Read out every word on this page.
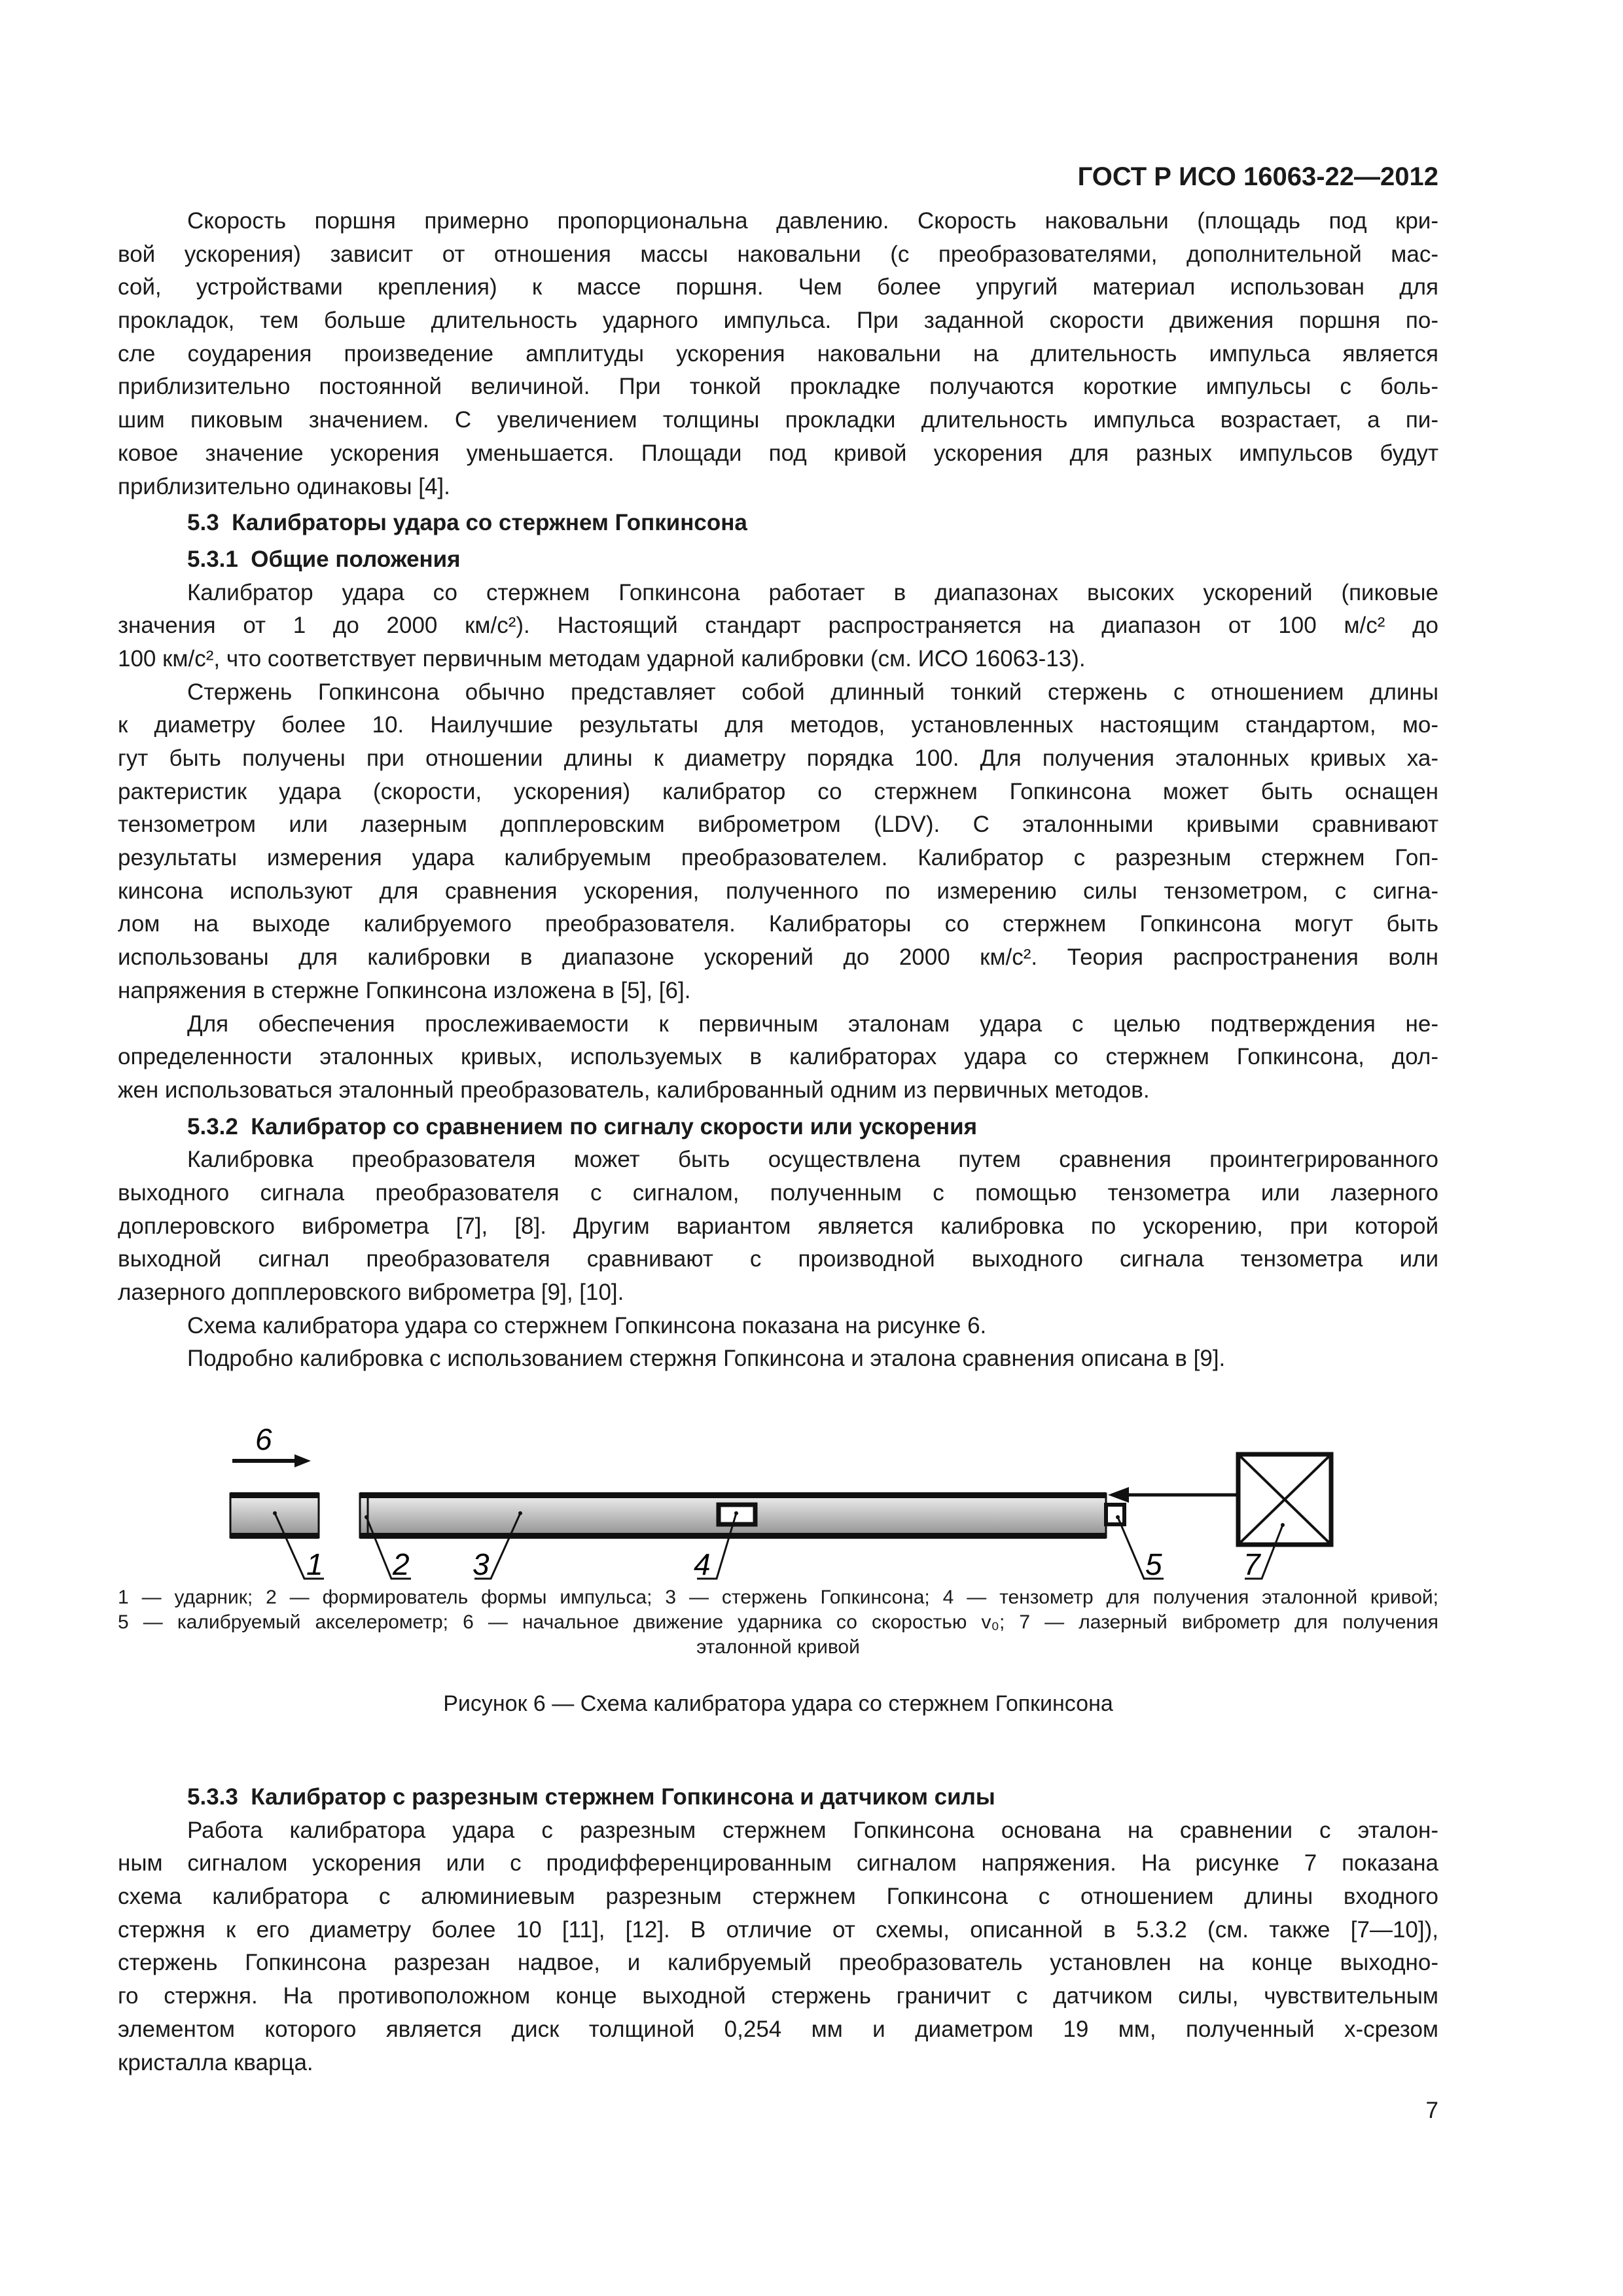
ГОСТ Р ИСО 16063-22—2012
Скорость поршня примерно пропорциональна давлению. Скорость наковальни (площадь под кри-
вой ускорения) зависит от отношения массы наковальни (с преобразователями, дополнительной мас-
сой, устройствами крепления) к массе поршня. Чем более упругий материал использован для
прокладок, тем больше длительность ударного импульса. При заданной скорости движения поршня по-
сле соударения произведение амплитуды ускорения наковальни на длительность импульса является
приблизительно постоянной величиной. При тонкой прокладке получаются короткие импульсы с боль-
шим пиковым значением. С увеличением толщины прокладки длительность импульса возрастает, а пи-
ковое значение ускорения уменьшается. Площади под кривой ускорения для разных импульсов будут
приблизительно одинаковы [4].
5.3  Калибраторы удара со стержнем Гопкинсона
5.3.1  Общие положения
Калибратор удара со стержнем Гопкинсона работает в диапазонах высоких ускорений (пиковые
значения от 1 до 2000 км/с²). Настоящий стандарт распространяется на диапазон от 100 м/с² до
100 км/с², что соответствует первичным методам ударной калибровки (см. ИСО 16063-13).
Стержень Гопкинсона обычно представляет собой длинный тонкий стержень с отношением длины
к диаметру более 10. Наилучшие результаты для методов, установленных настоящим стандартом, мо-
гут быть получены при отношении длины к диаметру порядка 100. Для получения эталонных кривых ха-
рактеристик удара (скорости, ускорения) калибратор со стержнем Гопкинсона может быть оснащен
тензометром или лазерным допплеровским виброметром (LDV). С эталонными кривыми сравнивают
результаты измерения удара калибруемым преобразователем. Калибратор с разрезным стержнем Гоп-
кинсона используют для сравнения ускорения, полученного по измерению силы тензометром, с сигна-
лом на выходе калибруемого преобразователя. Калибраторы со стержнем Гопкинсона могут быть
использованы для калибровки в диапазоне ускорений до 2000 км/с². Теория распространения волн
напряжения в стержне Гопкинсона изложена в [5], [6].
Для обеспечения прослеживаемости к первичным эталонам удара с целью подтверждения не-
определенности эталонных кривых, используемых в калибраторах удара со стержнем Гопкинсона, дол-
жен использоваться эталонный преобразователь, калиброванный одним из первичных методов.
5.3.2  Калибратор со сравнением по сигналу скорости или ускорения
Калибровка преобразователя может быть осуществлена путем сравнения проинтегрированного
выходного сигнала преобразователя с сигналом, полученным с помощью тензометра или лазерного
доплеровского виброметра [7], [8]. Другим вариантом является калибровка по ускорению, при которой
выходной сигнал преобразователя сравнивают с производной выходного сигнала тензометра или
лазерного допплеровского виброметра [9], [10].
Схема калибратора удара со стержнем Гопкинсона показана на рисунке 6.
Подробно калибровка с использованием стержня Гопкинсона и эталона сравнения описана в [9].
6
1 2 3	4	5	7
1 — ударник; 2 — формирователь формы импульса; 3 — стержень Гопкинсона; 4 — тензометр для получения эталонной кривой;
5 — калибруемый акселерометр; 6 — начальное движение ударника со скоростью v₀; 7 — лазерный виброметр для получения
эталонной кривой
Рисунок 6 — Схема калибратора удара со стержнем Гопкинсона
5.3.3  Калибратор с разрезным стержнем Гопкинсона и датчиком силы
Работа калибратора удара с разрезным стержнем Гопкинсона основана на сравнении с эталон-
ным сигналом ускорения или с продифференцированным сигналом напряжения. На рисунке 7 показана
схема калибратора с алюминиевым разрезным стержнем Гопкинсона с отношением длины входного
стержня к его диаметру более 10 [11], [12]. В отличие от схемы, описанной в 5.3.2 (см. также [7—10]),
стержень Гопкинсона разрезан надвое, и калибруемый преобразователь установлен на конце выходно-
го стержня. На противоположном конце выходной стержень граничит с датчиком силы, чувствительным
элементом которого является диск толщиной 0,254 мм и диаметром 19 мм, полученный х-срезом
кристалла кварца.
7
